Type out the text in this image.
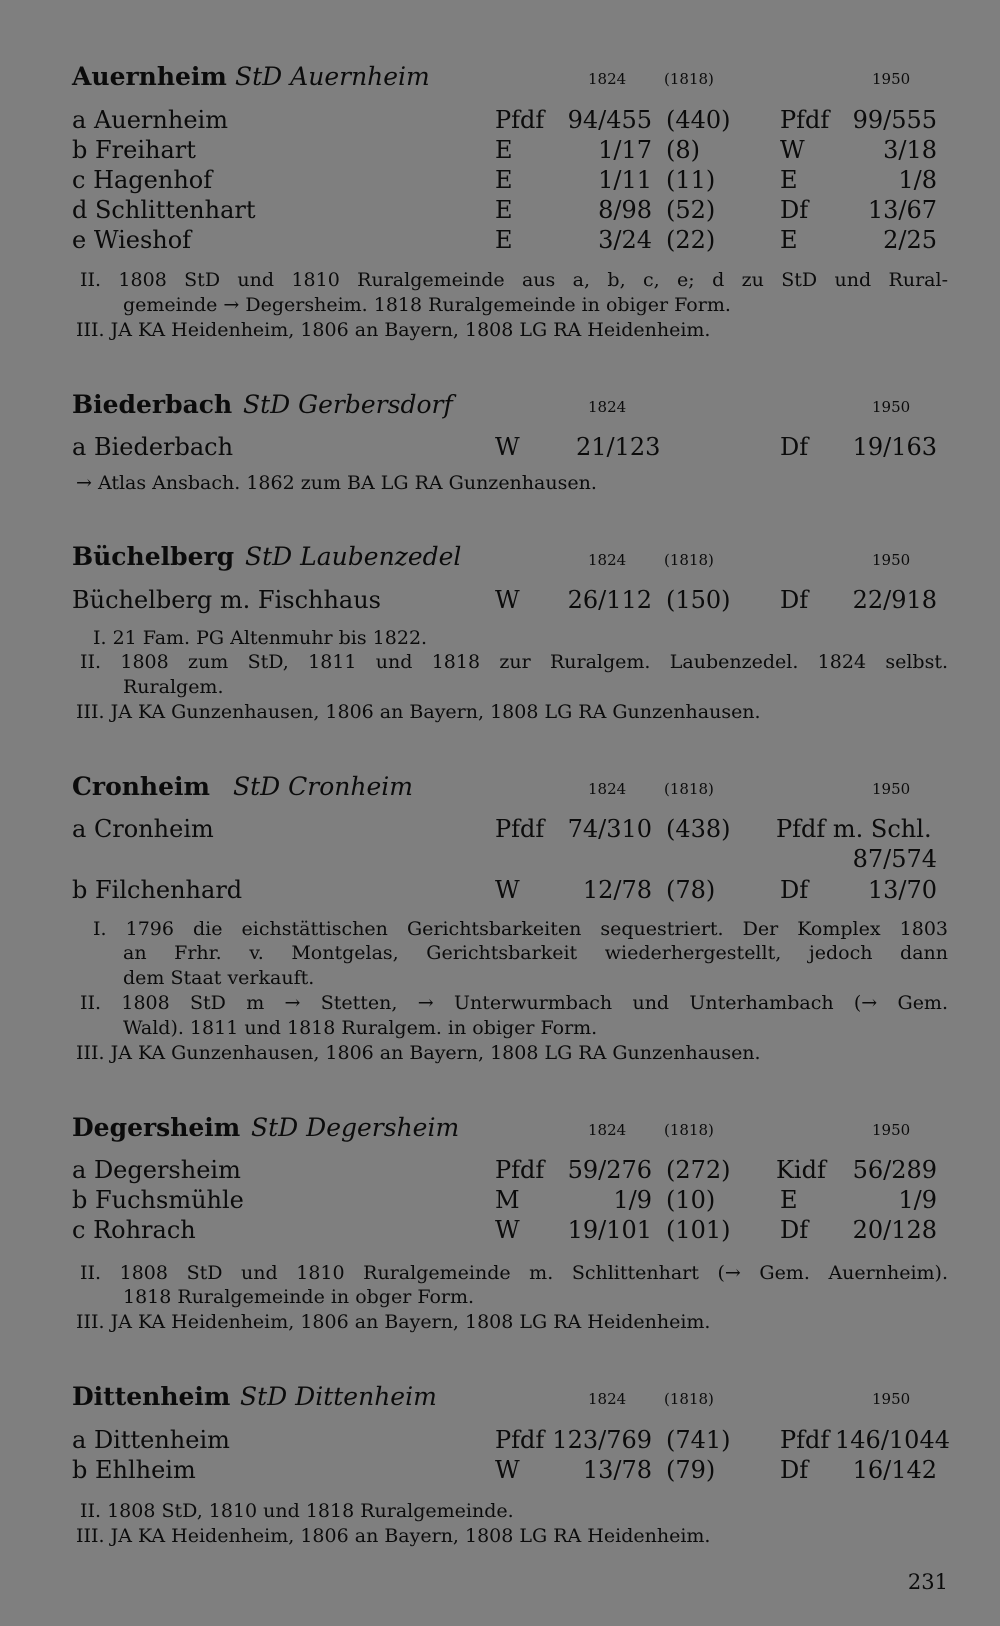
Auernheim StD Auernheim	1824	(1818)	1950
a Auernheim	Pfdf 94/455 (440) Pfdf 99/555
b Freihart	E	1/17 (8)	W	3/18
c Hagenhof	E	1/11 (11)	E	1/8
d Schlittenhart	E	8/98 (52)	Df 13/67
e Wieshof	E	3/24 (22)	E	2/25
II. 1808 StD und 1810 Ruralgemeinde aus a, b, c, e; d zu StD und Rural-
gemeinde → Degersheim. 1818 Ruralgemeinde in obiger Form.
III. JA KA Heidenheim, 1806 an Bayern, 1808 LG RA Heidenheim.
Biederbach StD Gerbersdorf	1824	1950
a Biederbach	W 21/123	Df 19/163
→ Atlas Ansbach. 1862 zum BA LG RA Gunzenhausen.
Büchelberg StD Laubenzedel	1824	(1818)	1950
Büchelberg m. Fischhaus	W 26/112 (150) Df 22/918
I. 21 Fam. PG Altenmuhr bis 1822.
II. 1808 zum StD, 1811 und 1818 zur Ruralgem. Laubenzedel. 1824 selbst.
Ruralgem.
III. JA KA Gunzenhausen, 1806 an Bayern, 1808 LG RA Gunzenhausen.
Cronheim StD Cronheim	1824	(1818)	1950
a Cronheim	Pfdf 74/310 (438) Pfdf m. Schl.
87/574
b Filchenhard	W	12/78 (78)	Df 13/70
I. 1796 die eichstättischen Gerichtsbarkeiten sequestriert. Der Komplex 1803
an Frhr. v. Montgelas, Gerichtsbarkeit wiederhergestellt, jedoch dann
dem Staat verkauft.
II. 1808 StD m → Stetten, → Unterwurmbach und Unterhambach (→ Gem.
Wald). 1811 und 1818 Ruralgem. in obiger Form.
III. JA KA Gunzenhausen, 1806 an Bayern, 1808 LG RA Gunzenhausen.
Degersheim StD Degersheim	1824	(1818)	1950
a Degersheim	Pfdf 59/276 (272) Kidf 56/289
b Fuchsmühle	M	1/9 (10)	E	1/9
c Rohrach	W 19/101 (101) Df 20/128
II. 1808 StD und 1810 Ruralgemeinde m. Schlittenhart (→ Gem. Auernheim).
1818 Ruralgemeinde in obger Form.
III. JA KA Heidenheim, 1806 an Bayern, 1808 LG RA Heidenheim.
Dittenheim StD Dittenheim	1824	(1818)	1950
a Dittenheim	Pfdf 123/769 (741) Pfdf 146/1044
b Ehlheim	W	13/78 (79)	Df 16/142
II. 1808 StD, 1810 und 1818 Ruralgemeinde.
III. JA KA Heidenheim, 1806 an Bayern, 1808 LG RA Heidenheim.
231
